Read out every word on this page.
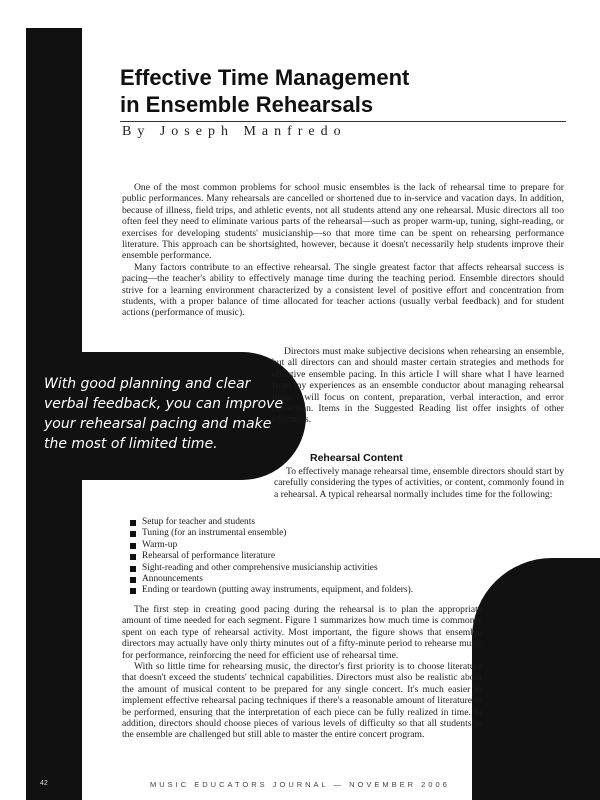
Effective Time Management
in Ensemble Rehearsals

By Joseph Manfredo

One of the most common problems for school music ensembles is the lack of rehearsal time to prepare for public performances. Many rehearsals are cancelled or shortened due to in-service and vacation days. In addition, because of illness, field trips, and athletic events, not all students attend any one rehearsal. Music directors all too often feel they need to eliminate various parts of the rehearsal—such as proper warm-up, tuning, sight-reading, or exercises for developing students' musicianship—so that more time can be spent on rehearsing performance literature. This approach can be shortsighted, however, because it doesn't necessarily help students improve their ensemble performance.

Many factors contribute to an effective rehearsal. The single greatest factor that affects rehearsal success is pacing—the teacher's ability to effectively manage time during the teaching period. Ensemble directors should strive for a learning environment characterized by a consistent level of positive effort and concentration from students, with a proper balance of time allocated for teacher actions (usually verbal feedback) and for student actions (performance of music).

Directors must make subjective decisions when rehearsing an ensemble, but all directors can and should master certain strategies and methods for effective ensemble pacing. In this article I will share what I have learned from my experiences as an ensemble conductor about managing rehearsal time; I will focus on content, preparation, verbal interaction, and error correction. Items in the Suggested Reading list offer insights of other educators.

With good planning and clear verbal feedback, you can improve your rehearsal pacing and make the most of limited time.

Rehearsal Content

To effectively manage rehearsal time, ensemble directors should start by carefully considering the types of activities, or content, commonly found in a rehearsal. A typical rehearsal normally includes time for the following:

Setup for teacher and students
Tuning (for an instrumental ensemble)
Warm-up
Rehearsal of performance literature
Sight-reading and other comprehensive musicianship activities
Announcements
Ending or teardown (putting away instruments, equipment, and folders).

The first step in creating good pacing during the rehearsal is to plan the appropriate amount of time needed for each segment. Figure 1 summarizes how much time is commonly spent on each type of rehearsal activity. Most important, the figure shows that ensemble directors may actually have only thirty minutes out of a fifty-minute period to rehearse music for performance, reinforcing the need for efficient use of rehearsal time.

With so little time for rehearsing music, the director's first priority is to choose literature that doesn't exceed the students' technical capabilities. Directors must also be realistic about the amount of musical content to be prepared for any single concert. It's much easier to implement effective rehearsal pacing techniques if there's a reasonable amount of literature to be performed, ensuring that the interpretation of each piece can be fully realized in time. In addition, directors should choose pieces of various levels of difficulty so that all students in the ensemble are challenged but still able to master the entire concert program.

42	MUSIC EDUCATORS JOURNAL — NOVEMBER 2006
